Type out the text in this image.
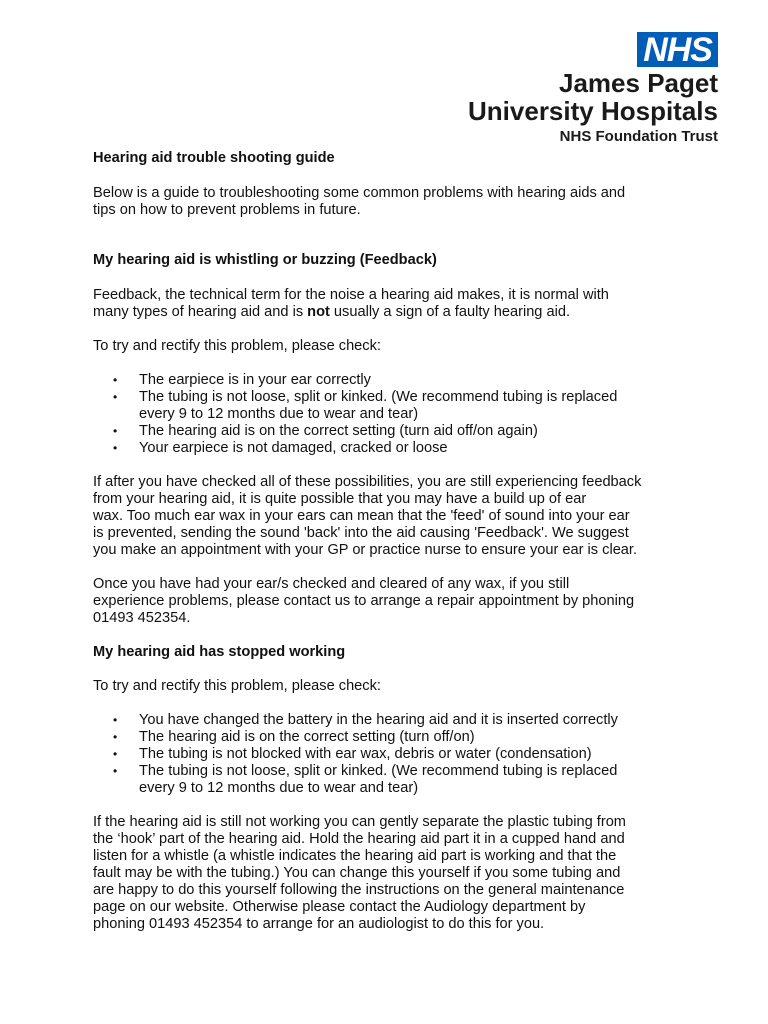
NHS
James Paget
University Hospitals
NHS Foundation Trust

Hearing aid trouble shooting guide

Below is a guide to troubleshooting some common problems with hearing aids and

tips on how to prevent problems in future.

My hearing aid is whistling or buzzing (Feedback)

Feedback, the technical term for the noise a hearing aid makes, it is normal with

many types of hearing aid and is not usually a sign of a faulty hearing aid.

To try and rectify this problem, please check:

• The earpiece is in your ear correctly
• The tubing is not loose, split or kinked. (We recommend tubing is replaced

every 9 to 12 months due to wear and tear)

• The hearing aid is on the correct setting (turn aid off/on again)
• Your earpiece is not damaged, cracked or loose

If after you have checked all of these possibilities, you are still experiencing feedback

from your hearing aid, it is quite possible that you may have a build up of ear

wax. Too much ear wax in your ears can mean that the 'feed' of sound into your ear

is prevented, sending the sound 'back' into the aid causing 'Feedback'. We suggest

you make an appointment with your GP or practice nurse to ensure your ear is clear.

Once you have had your ear/s checked and cleared of any wax, if you still

experience problems, please contact us to arrange a repair appointment by phoning

01493 452354.

My hearing aid has stopped working

To try and rectify this problem, please check:

• You have changed the battery in the hearing aid and it is inserted correctly
• The hearing aid is on the correct setting (turn off/on)
• The tubing is not blocked with ear wax, debris or water (condensation)
• The tubing is not loose, split or kinked. (We recommend tubing is replaced

every 9 to 12 months due to wear and tear)

If the hearing aid is still not working you can gently separate the plastic tubing from

the ‘hook’ part of the hearing aid. Hold the hearing aid part it in a cupped hand and

listen for a whistle (a whistle indicates the hearing aid part is working and that the

fault may be with the tubing.) You can change this yourself if you some tubing and

are happy to do this yourself following the instructions on the general maintenance

page on our website. Otherwise please contact the Audiology department by

phoning 01493 452354 to arrange for an audiologist to do this for you.
